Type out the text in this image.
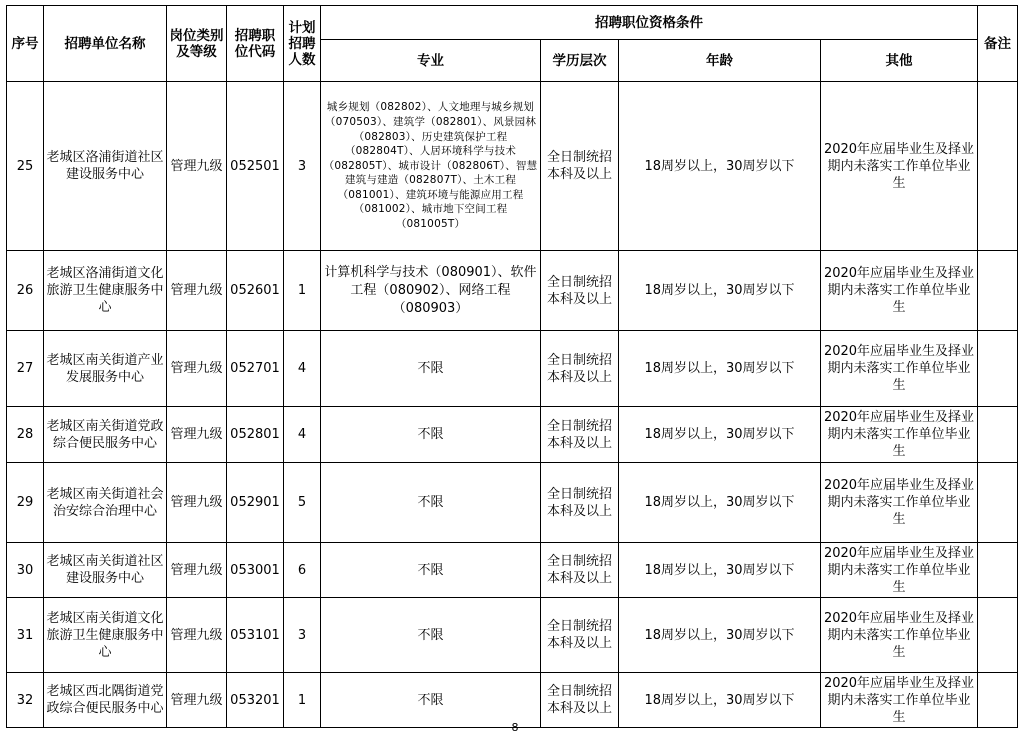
序号	招聘单位名称	岗位类别及等级	招聘职位代码	计划招聘人数	招聘职位资格条件				备注
					专业	学历层次	年龄	其他	
25	老城区洛浦街道社区建设服务中心	管理九级	052501	3	城乡规划（082802）、人文地理与城乡规划（070503）、建筑学（082801）、风景园林（082803）、历史建筑保护工程（082804T）、人居环境科学与技术（082805T）、城市设计（082806T）、智慧建筑与建造（082807T）、土木工程（081001）、建筑环境与能源应用工程（081002）、城市地下空间工程（081005T）	全日制统招本科及以上	18周岁以上，30周岁以下	2020年应届毕业生及择业期内未落实工作单位毕业生	
26	老城区洛浦街道文化旅游卫生健康服务中心	管理九级	052601	1	计算机科学与技术（080901）、软件工程（080902）、网络工程（080903）	全日制统招本科及以上	18周岁以上，30周岁以下	2020年应届毕业生及择业期内未落实工作单位毕业生	
27	老城区南关街道产业发展服务中心	管理九级	052701	4	不限	全日制统招本科及以上	18周岁以上，30周岁以下	2020年应届毕业生及择业期内未落实工作单位毕业生	
28	老城区南关街道党政综合便民服务中心	管理九级	052801	4	不限	全日制统招本科及以上	18周岁以上，30周岁以下	2020年应届毕业生及择业期内未落实工作单位毕业生	
29	老城区南关街道社会治安综合治理中心	管理九级	052901	5	不限	全日制统招本科及以上	18周岁以上，30周岁以下	2020年应届毕业生及择业期内未落实工作单位毕业生	
30	老城区南关街道社区建设服务中心	管理九级	053001	6	不限	全日制统招本科及以上	18周岁以上，30周岁以下	2020年应届毕业生及择业期内未落实工作单位毕业生	
31	老城区南关街道文化旅游卫生健康服务中心	管理九级	053101	3	不限	全日制统招本科及以上	18周岁以上，30周岁以下	2020年应届毕业生及择业期内未落实工作单位毕业生	
32	老城区西北隅街道党政综合便民服务中心	管理九级	053201	1	不限	全日制统招本科及以上	18周岁以上，30周岁以下	2020年应届毕业生及择业期内未落实工作单位毕业生	
8
